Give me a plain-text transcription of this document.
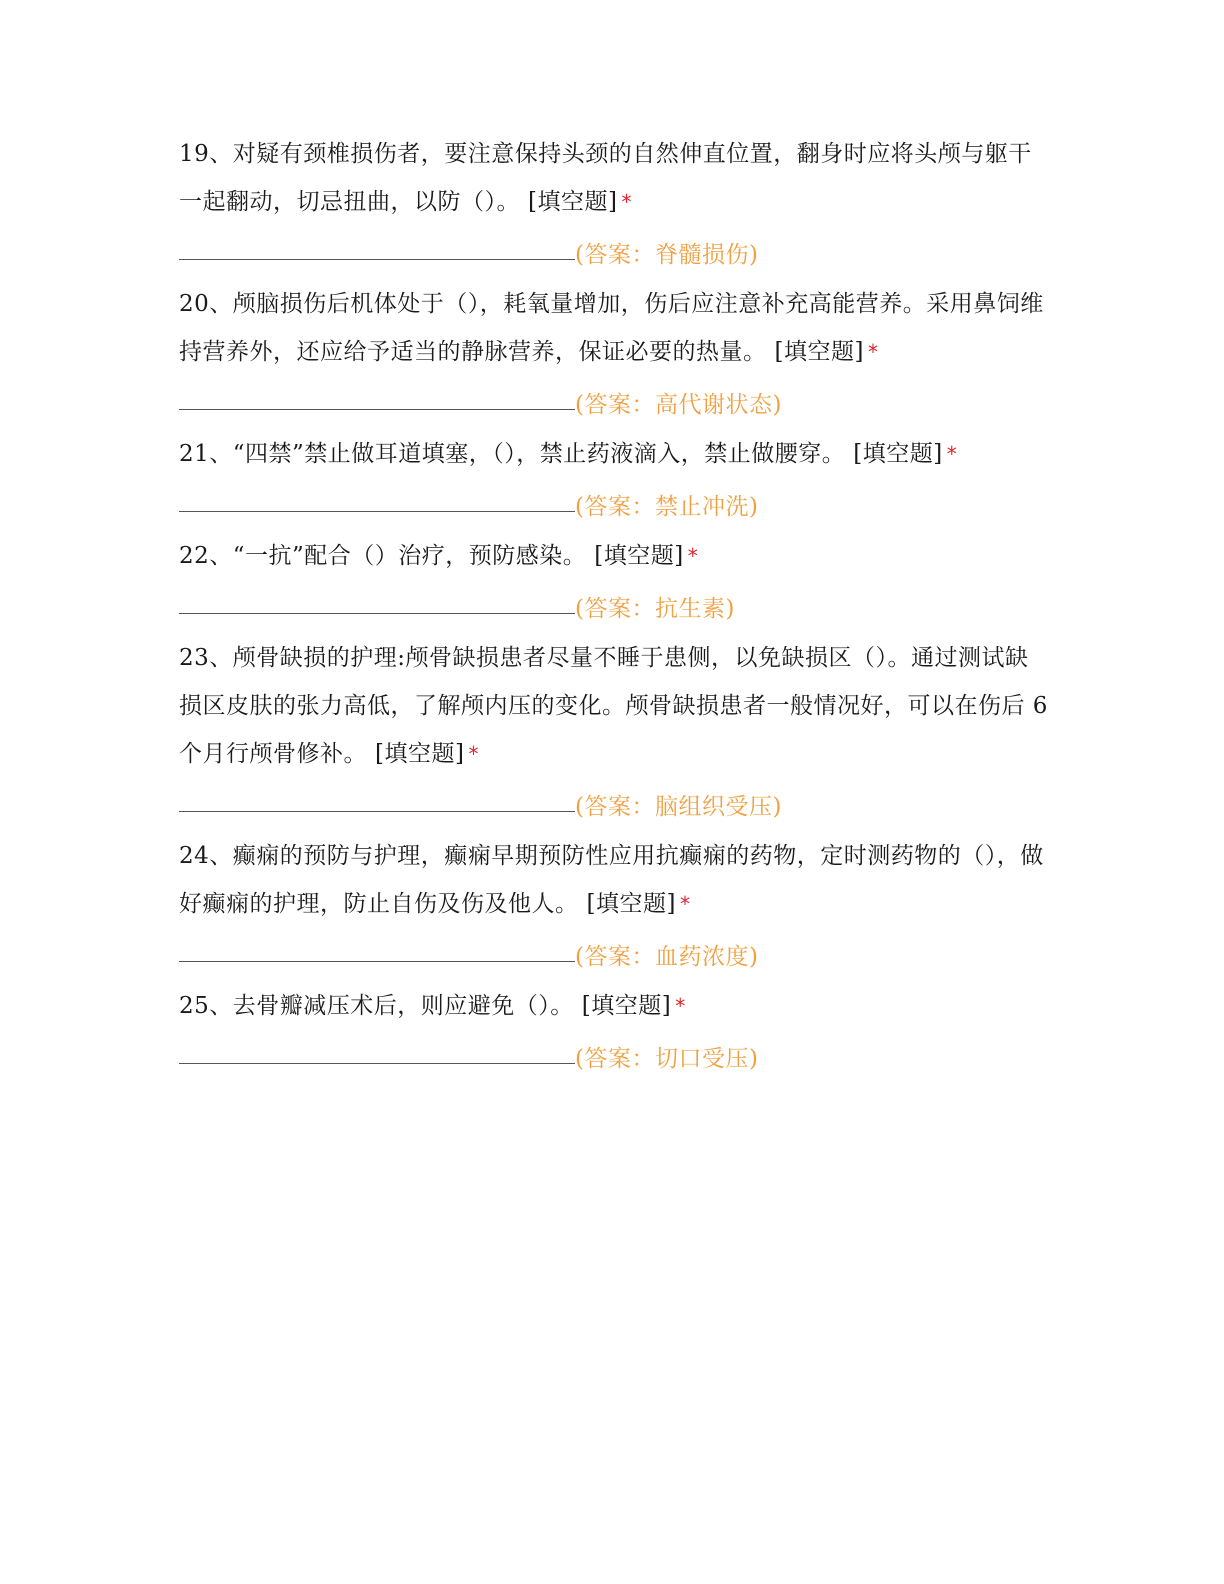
19、对疑有颈椎损伤者，要注意保持头颈的自然伸直位置，翻身时应将头颅与躯干一起翻动，切忌扭曲，以防（）。 [填空题] *

(答案：脊髓损伤)

20、颅脑损伤后机体处于（），耗氧量增加，伤后应注意补充高能营养。采用鼻饲维持营养外，还应给予适当的静脉营养，保证必要的热量。 [填空题] *

(答案：高代谢状态)

21、“四禁”禁止做耳道填塞，（），禁止药液滴入，禁止做腰穿。 [填空题] *

(答案：禁止冲洗)

22、“一抗”配合（）治疗，预防感染。 [填空题] *

(答案：抗生素)

23、颅骨缺损的护理:颅骨缺损患者尽量不睡于患侧，以免缺损区（）。通过测试缺损区皮肤的张力高低，了解颅内压的变化。颅骨缺损患者一般情况好，可以在伤后 6 个月行颅骨修补。 [填空题] *

(答案：脑组织受压)

24、癫痫的预防与护理，癫痫早期预防性应用抗癫痫的药物，定时测药物的（），做好癫痫的护理，防止自伤及伤及他人。 [填空题] *

(答案：血药浓度)

25、去骨瓣减压术后，则应避免（）。 [填空题] *

(答案：切口受压)
